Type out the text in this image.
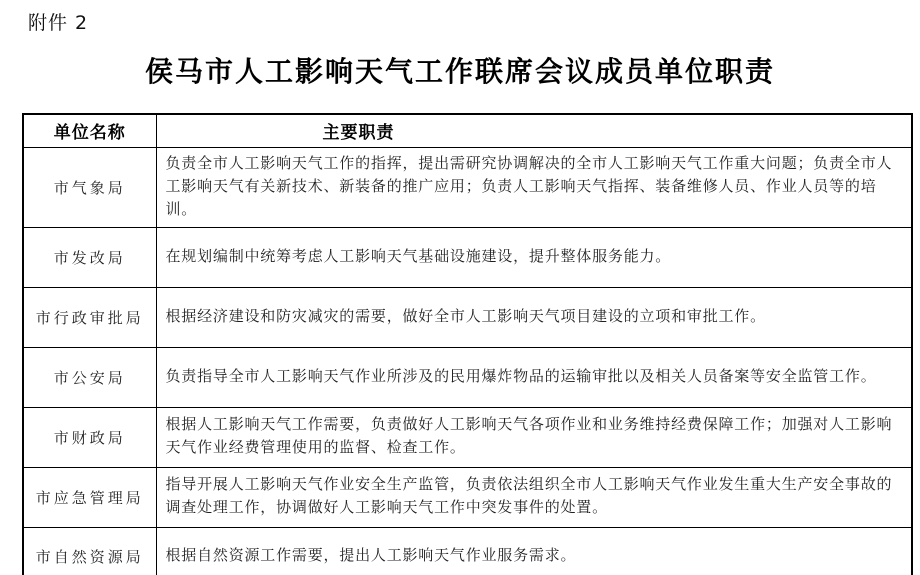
附件 2
侯马市人工影响天气工作联席会议成员单位职责
单位名称	主要职责
市气象局	负责全市人工影响天气工作的指挥，提出需研究协调解决的全市人工影响天气工作重大问题；负责全市人工影响天气有关新技术、新装备的推广应用；负责人工影响天气指挥、装备维修人员、作业人员等的培训。
市发改局	在规划编制中统筹考虑人工影响天气基础设施建设，提升整体服务能力。
市行政审批局	根据经济建设和防灾减灾的需要，做好全市人工影响天气项目建设的立项和审批工作。
市公安局	负责指导全市人工影响天气作业所涉及的民用爆炸物品的运输审批以及相关人员备案等安全监管工作。
市财政局	根据人工影响天气工作需要，负责做好人工影响天气各项作业和业务维持经费保障工作；加强对人工影响天气作业经费管理使用的监督、检查工作。
市应急管理局	指导开展人工影响天气作业安全生产监管，负责依法组织全市人工影响天气作业发生重大生产安全事故的调查处理工作，协调做好人工影响天气工作中突发事件的处置。
市自然资源局	根据自然资源工作需要，提出人工影响天气作业服务需求。
